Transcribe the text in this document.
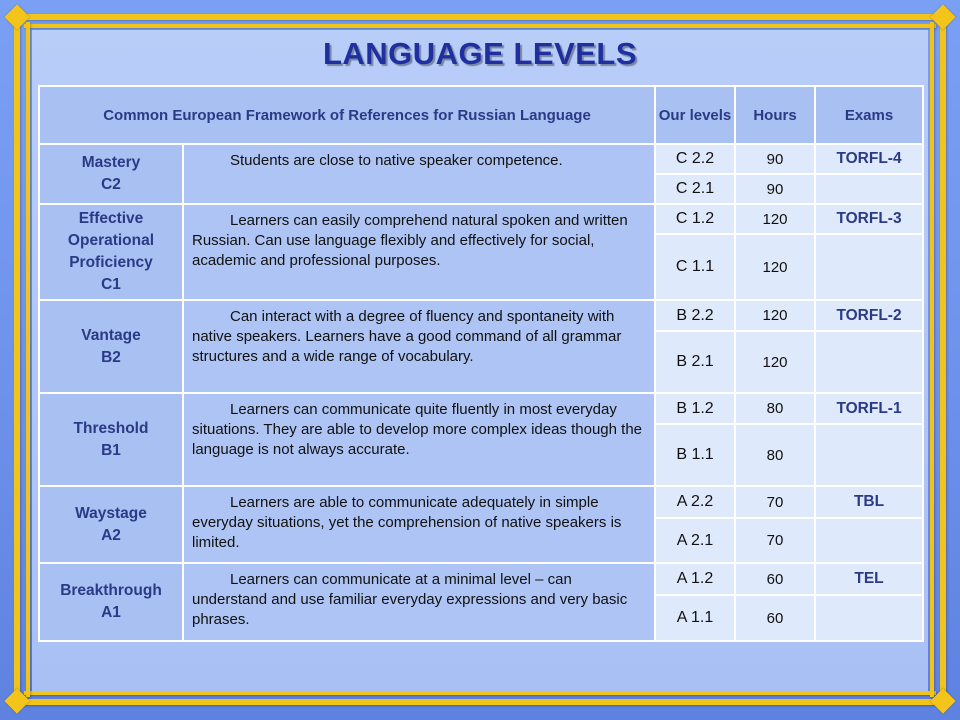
LANGUAGE LEVELS
Common European Framework of References for Russian Language		Our levels	Hours	Exams

Mastery
C2	Students are close to native speaker competence.	C 2.2	90	TORFL-4
		C 2.1	90	

Effective Operational Proficiency
C1	Learners can easily comprehend natural spoken and written Russian. Can use language flexibly and effectively for social, academic and professional purposes.	C 1.2	120	TORFL-3
		C 1.1	120	

Vantage
B2	Can interact with a degree of fluency and spontaneity with native speakers. Learners have a good command of all grammar structures and a wide range of vocabulary.	B 2.2	120	TORFL-2
		B 2.1	120	

Threshold
B1	Learners can communicate quite fluently in most everyday situations. They are able to develop more complex ideas though the language is not always accurate.	B 1.2	80	TORFL-1
		B 1.1	80	

Waystage
A2	Learners are able to communicate adequately in simple everyday situations, yet the comprehension of native speakers is limited.	A 2.2	70	TBL
		A 2.1	70	

Breakthrough
A1	Learners can communicate at a minimal level – can understand and use familiar everyday expressions and very basic phrases.	A 1.2	60	TEL
		A 1.1	60	
